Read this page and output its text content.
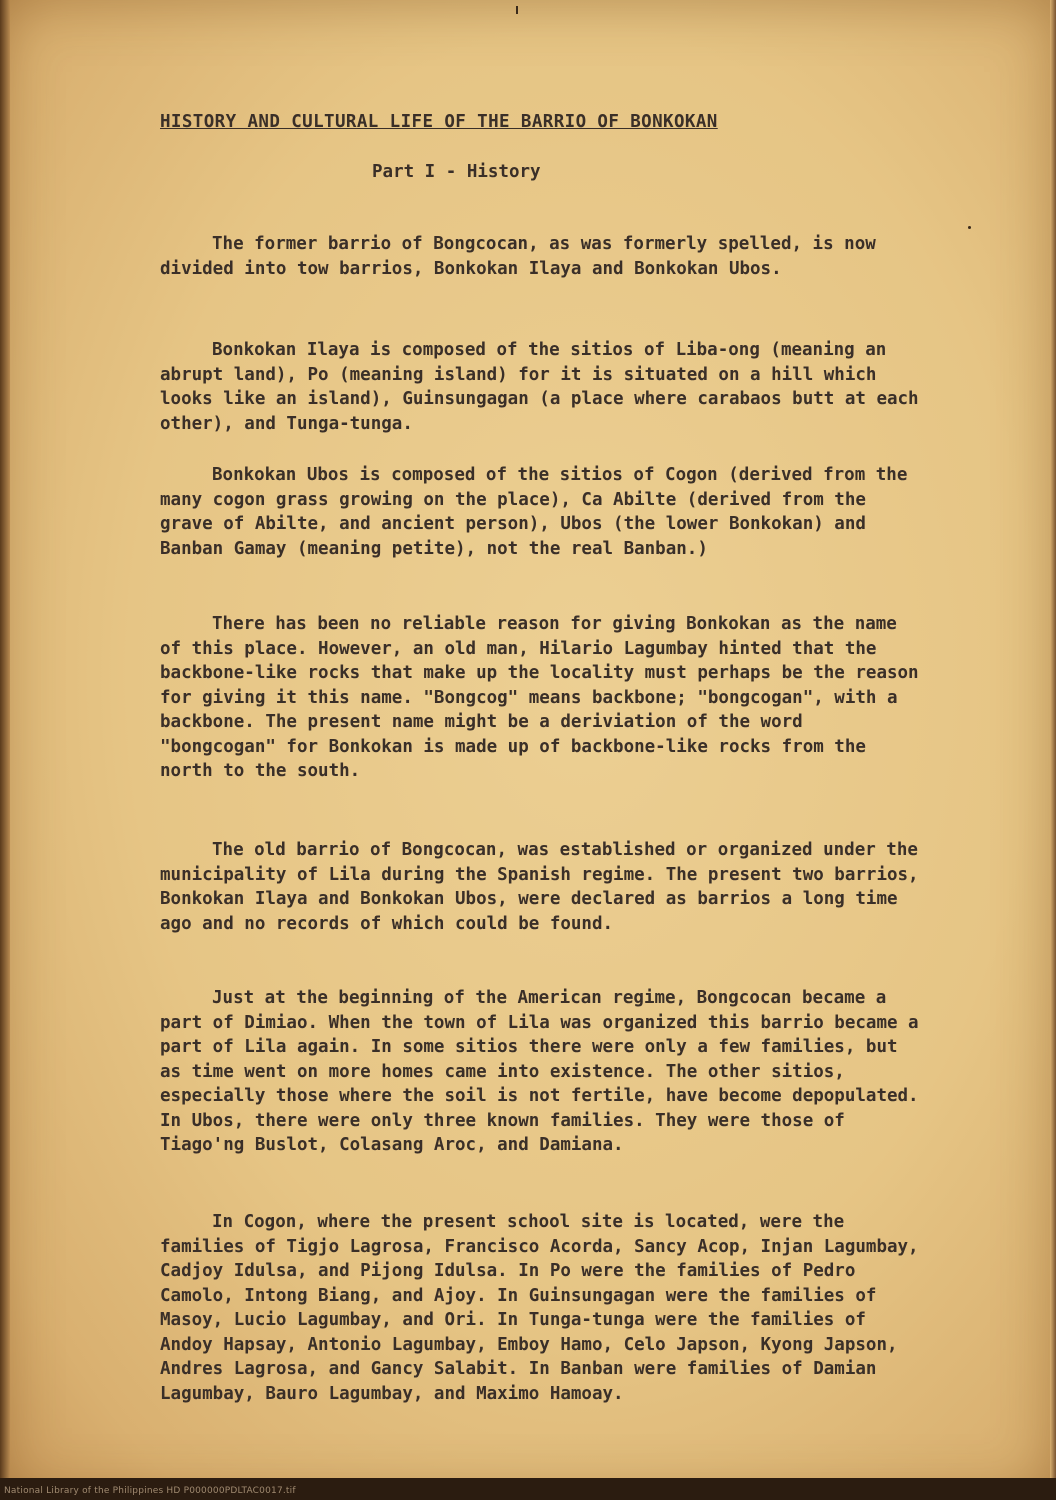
HISTORY AND CULTURAL LIFE OF THE BARRIO OF BONKOKAN
Part I - History

The former barrio of Bongcocan, as was formerly spelled, is now divided into tow barrios, Bonkokan Ilaya and Bonkokan Ubos.

Bonkokan Ilaya is composed of the sitios of Liba-ong (meaning an abrupt land), Po (meaning island) for it is situated on a hill which looks like an island), Guinsungagan (a place where carabaos butt at each other), and Tunga-tunga.

Bonkokan Ubos is composed of the sitios of Cogon (derived from the many cogon grass growing on the place), Ca Abilte (derived from the grave of Abilte, and ancient person), Ubos (the lower Bonkokan) and Banban Gamay (meaning petite), not the real Banban.)

There has been no reliable reason for giving Bonkokan as the name of this place. However, an old man, Hilario Lagumbay hinted that the backbone-like rocks that make up the locality must perhaps be the reason for giving it this name. "Bongcog" means backbone; "bongcogan", with a backbone. The present name might be a deriviation of the word "bongcogan" for Bonkokan is made up of backbone-like rocks from the north to the south.

The old barrio of Bongcocan, was established or organized under the municipality of Lila during the Spanish regime. The present two barrios, Bonkokan Ilaya and Bonkokan Ubos, were declared as barrios a long time ago and no records of which could be found.

Just at the beginning of the American regime, Bongcocan became a part of Dimiao. When the town of Lila was organized this barrio became a part of Lila again. In some sitios there were only a few families, but as time went on more homes came into existence. The other sitios, especially those where the soil is not fertile, have become depopulated. In Ubos, there were only three known families. They were those of Tiago'ng Buslot, Colasang Aroc, and Damiana.

In Cogon, where the present school site is located, were the families of Tigjo Lagrosa, Francisco Acorda, Sancy Acop, Injan Lagumbay, Cadjoy Idulsa, and Pijong Idulsa. In Po were the families of Pedro Camolo, Intong Biang, and Ajoy. In Guinsungagan were the families of Masoy, Lucio Lagumbay, and Ori. In Tunga-tunga were the families of Andoy Hapsay, Antonio Lagumbay, Emboy Hamo, Celo Japson, Kyong Japson, Andres Lagrosa, and Gancy Salabit. In Banban were families of Damian Lagumbay, Bauro Lagumbay, and Maximo Hamoay.

National Library of the Philippines HD P000000PDLTAC0017.tif
